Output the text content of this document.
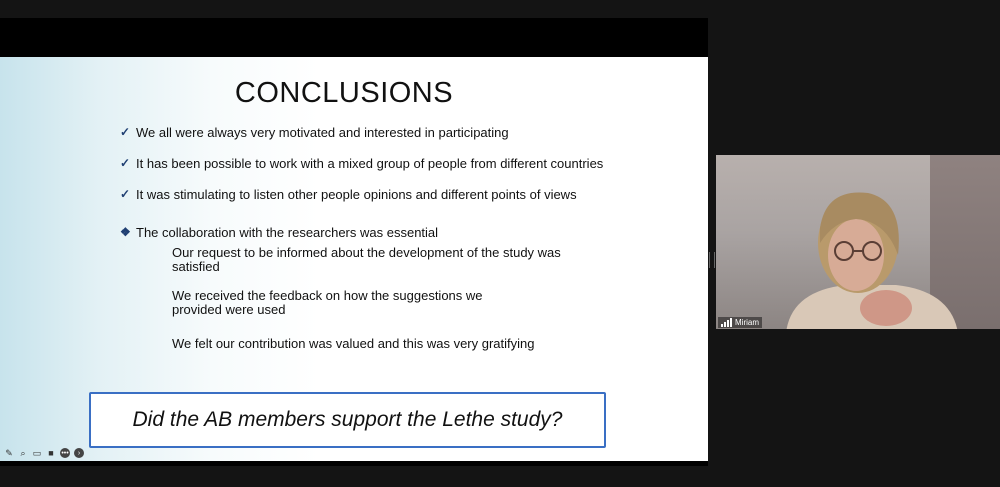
CONCLUSIONS
✓ We all were always very motivated and interested in participating
✓ It has been possible to work with a mixed group of people from different countries
✓ It was stimulating to listen other people opinions and different points of views
❖ The collaboration with the researchers was essential
Our request to be informed about the development of the study was satisfied
We received the feedback on how the suggestions we provided were used
We felt our contribution was valued and this was very gratifying
Did the AB members support the Lethe study?
✎ ⌕ ▭ ■	•••	›
Miriam
